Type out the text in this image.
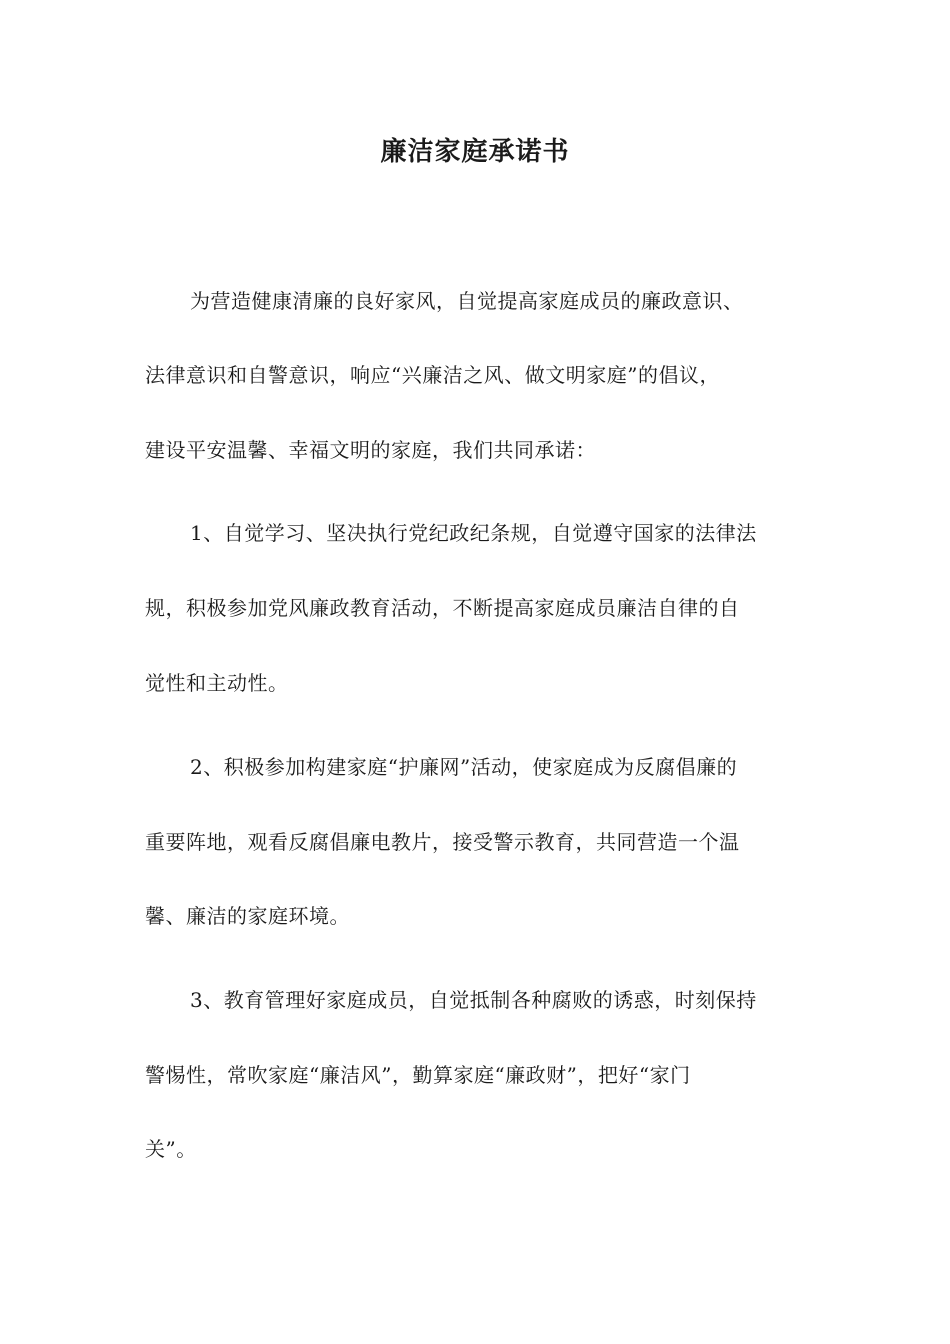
廉洁家庭承诺书
为营造健康清廉的良好家风，自觉提高家庭成员的廉政意识、
法律意识和自警意识，响应“兴廉洁之风、做文明家庭”的倡议，
建设平安温馨、幸福文明的家庭，我们共同承诺：
1、自觉学习、坚决执行党纪政纪条规，自觉遵守国家的法律法
规，积极参加党风廉政教育活动，不断提高家庭成员廉洁自律的自
觉性和主动性。
2、积极参加构建家庭“护廉网”活动，使家庭成为反腐倡廉的
重要阵地，观看反腐倡廉电教片，接受警示教育，共同营造一个温
馨、廉洁的家庭环境。
3、教育管理好家庭成员，自觉抵制各种腐败的诱惑，时刻保持
警惕性，常吹家庭“廉洁风”，勤算家庭“廉政财”，把好“家门
关”。
